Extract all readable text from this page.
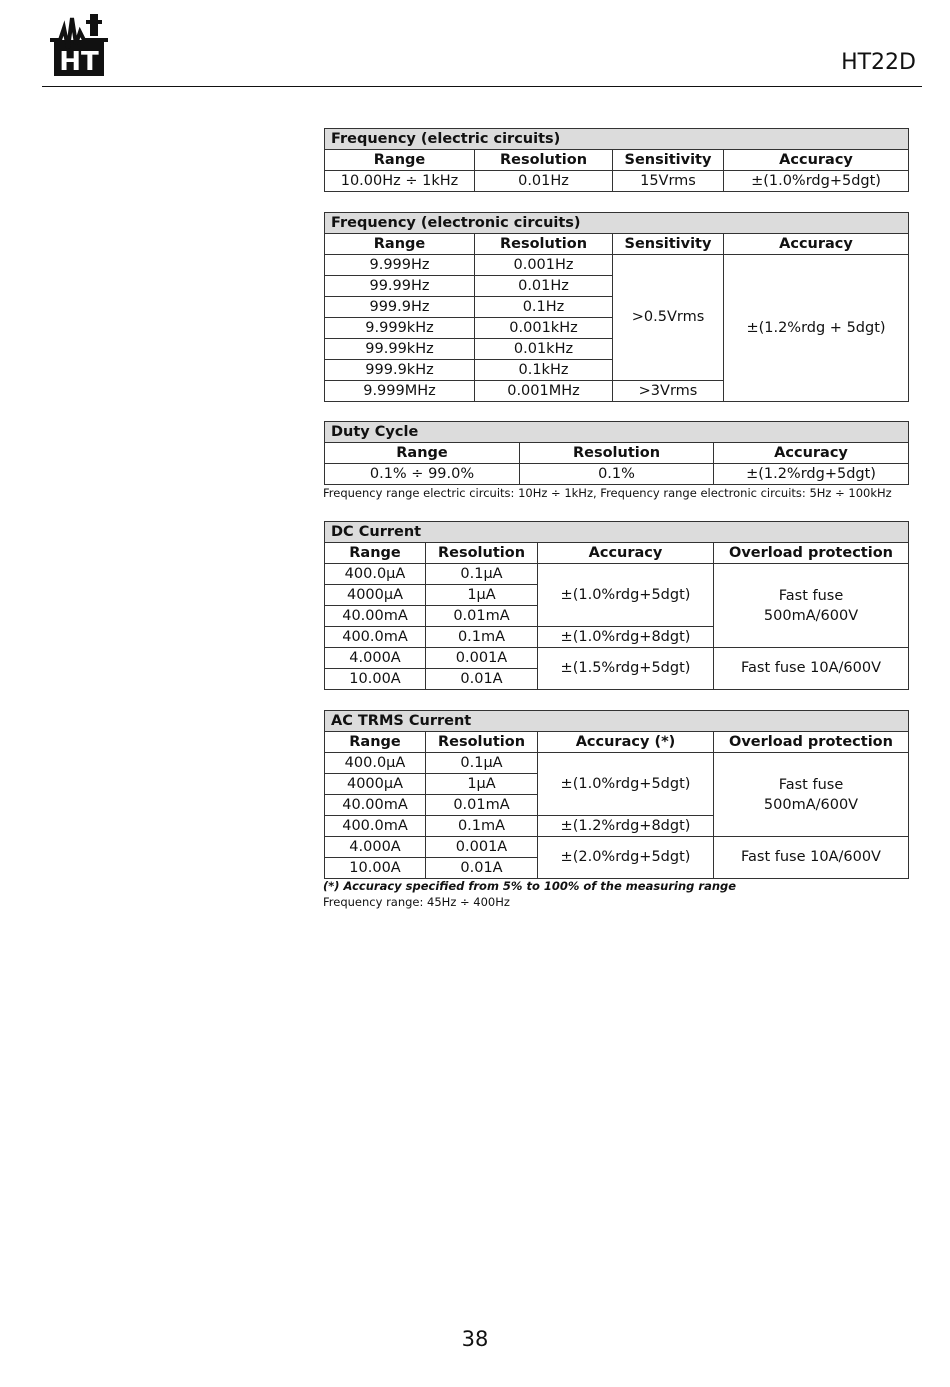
HT	HT22D
Frequency (electric circuits)			
Range	Resolution	Sensitivity	Accuracy
10.00Hz ÷ 1kHz	0.01Hz	15Vrms	±(1.0%rdg+5dgt)
Frequency (electronic circuits)			
Range	Resolution	Sensitivity	Accuracy
9.999Hz	0.001Hz	>0.5Vrms	±(1.2%rdg + 5dgt)
99.99Hz	0.01Hz		
999.9Hz	0.1Hz		
9.999kHz	0.001kHz		
99.99kHz	0.01kHz		
999.9kHz	0.1kHz		
9.999MHz	0.001MHz	>3Vrms	
Duty Cycle		
Range	Resolution	Accuracy
0.1% ÷ 99.0%	0.1%	±(1.2%rdg+5dgt)
Frequency range electric circuits: 10Hz ÷ 1kHz, Frequency range electronic circuits: 5Hz ÷ 100kHz
DC Current			
Range	Resolution	Accuracy	Overload protection
400.0µA	0.1µA	±(1.0%rdg+5dgt)	Fast fuse
500mA/600V

4000µA	1µA		
40.00mA	0.01mA		
400.0mA	0.1mA	±(1.0%rdg+8dgt)	
4.000A	0.001A	±(1.5%rdg+5dgt)	Fast fuse 10A/600V
10.00A	0.01A		
AC TRMS Current			
Range	Resolution	Accuracy (*)	Overload protection
400.0µA	0.1µA	±(1.0%rdg+5dgt)	Fast fuse
500mA/600V

4000µA	1µA		
40.00mA	0.01mA		
400.0mA	0.1mA	±(1.2%rdg+8dgt)	
4.000A	0.001A	±(2.0%rdg+5dgt)	Fast fuse 10A/600V
10.00A	0.01A		
(*) Accuracy specified from 5% to 100% of the measuring range
Frequency range: 45Hz ÷ 400Hz
38
